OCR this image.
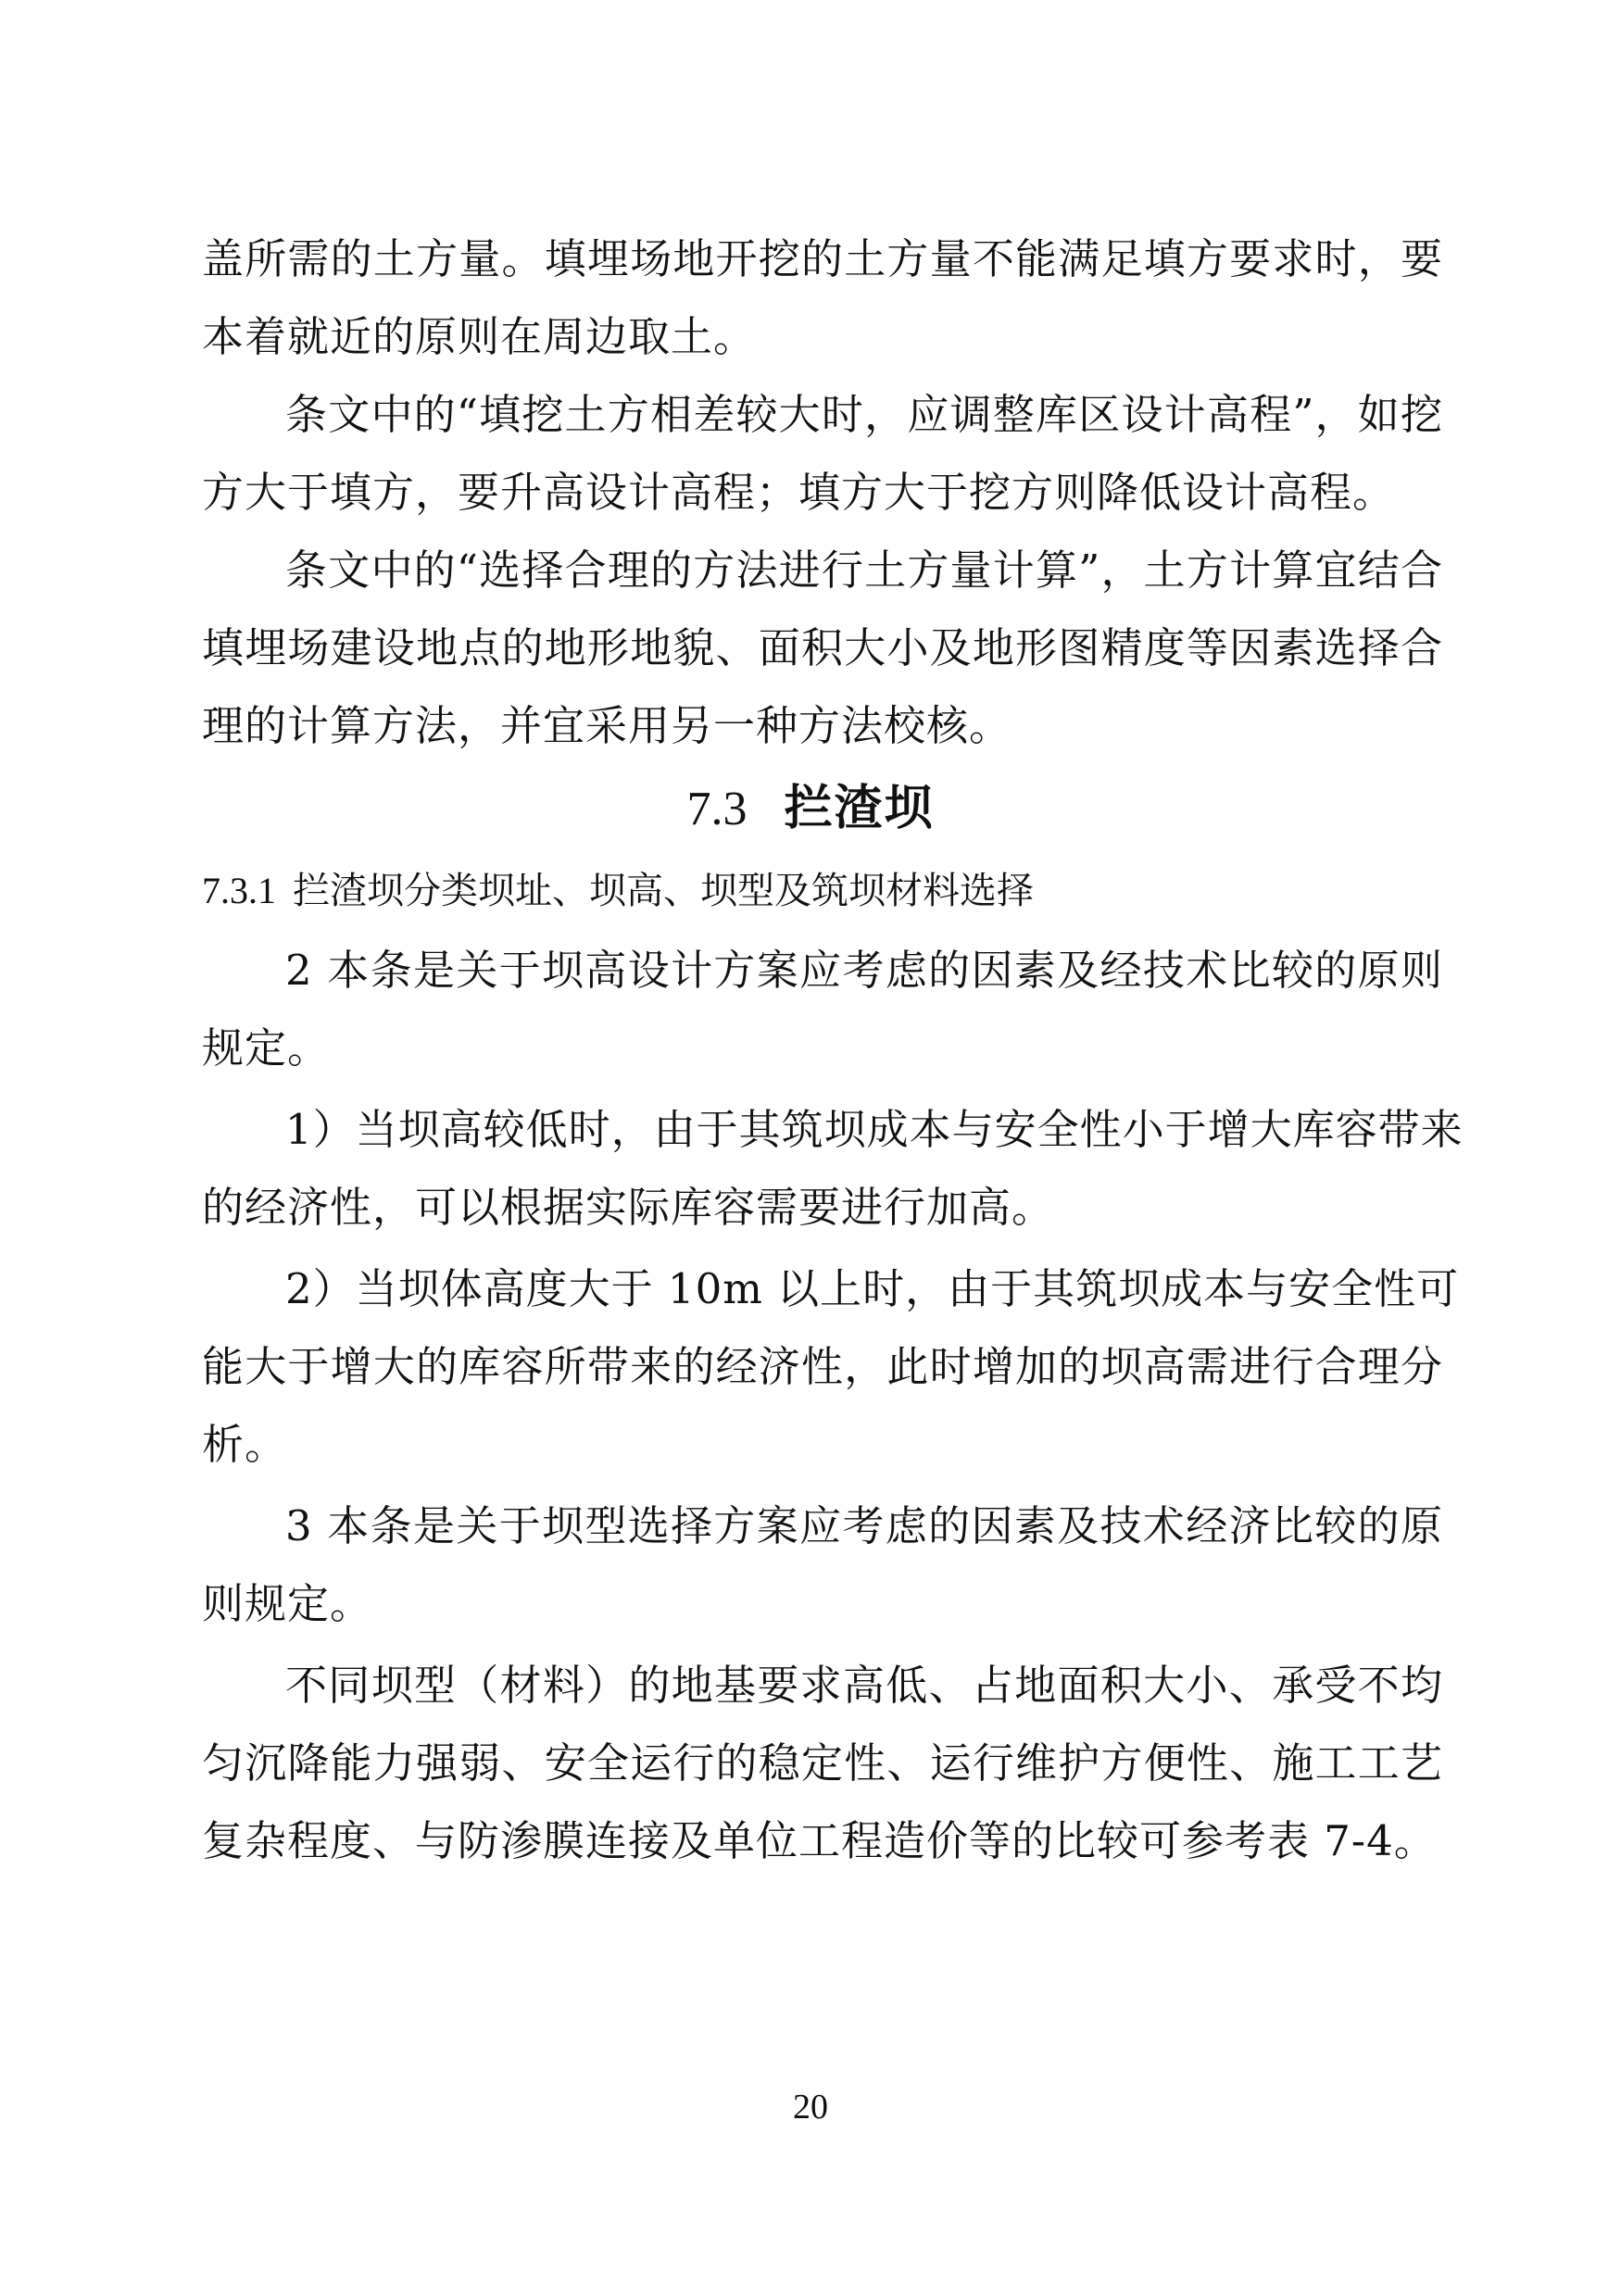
盖所需的土方量。填埋场地开挖的土方量不能满足填方要求时，要
本着就近的原则在周边取土。
条文中的“填挖土方相差较大时，应调整库区设计高程”，如挖
方大于填方，要升高设计高程；填方大于挖方则降低设计高程。
条文中的“选择合理的方法进行土方量计算”，土方计算宜结合
填埋场建设地点的地形地貌、面积大小及地形图精度等因素选择合
理的计算方法，并宜采用另一种方法校核。
7.3 拦渣坝
7.3.1 拦渣坝分类坝址、坝高、坝型及筑坝材料选择
2 本条是关于坝高设计方案应考虑的因素及经技术比较的原则
规定。
1）当坝高较低时，由于其筑坝成本与安全性小于增大库容带来
的经济性，可以根据实际库容需要进行加高。
2）当坝体高度大于 10m 以上时，由于其筑坝成本与安全性可
能大于增大的库容所带来的经济性，此时增加的坝高需进行合理分
析。
3 本条是关于坝型选择方案应考虑的因素及技术经济比较的原
则规定。
不同坝型（材料）的地基要求高低、占地面积大小、承受不均
匀沉降能力强弱、安全运行的稳定性、运行维护方便性、施工工艺
复杂程度、与防渗膜连接及单位工程造价等的比较可参考表 7-4。
20
